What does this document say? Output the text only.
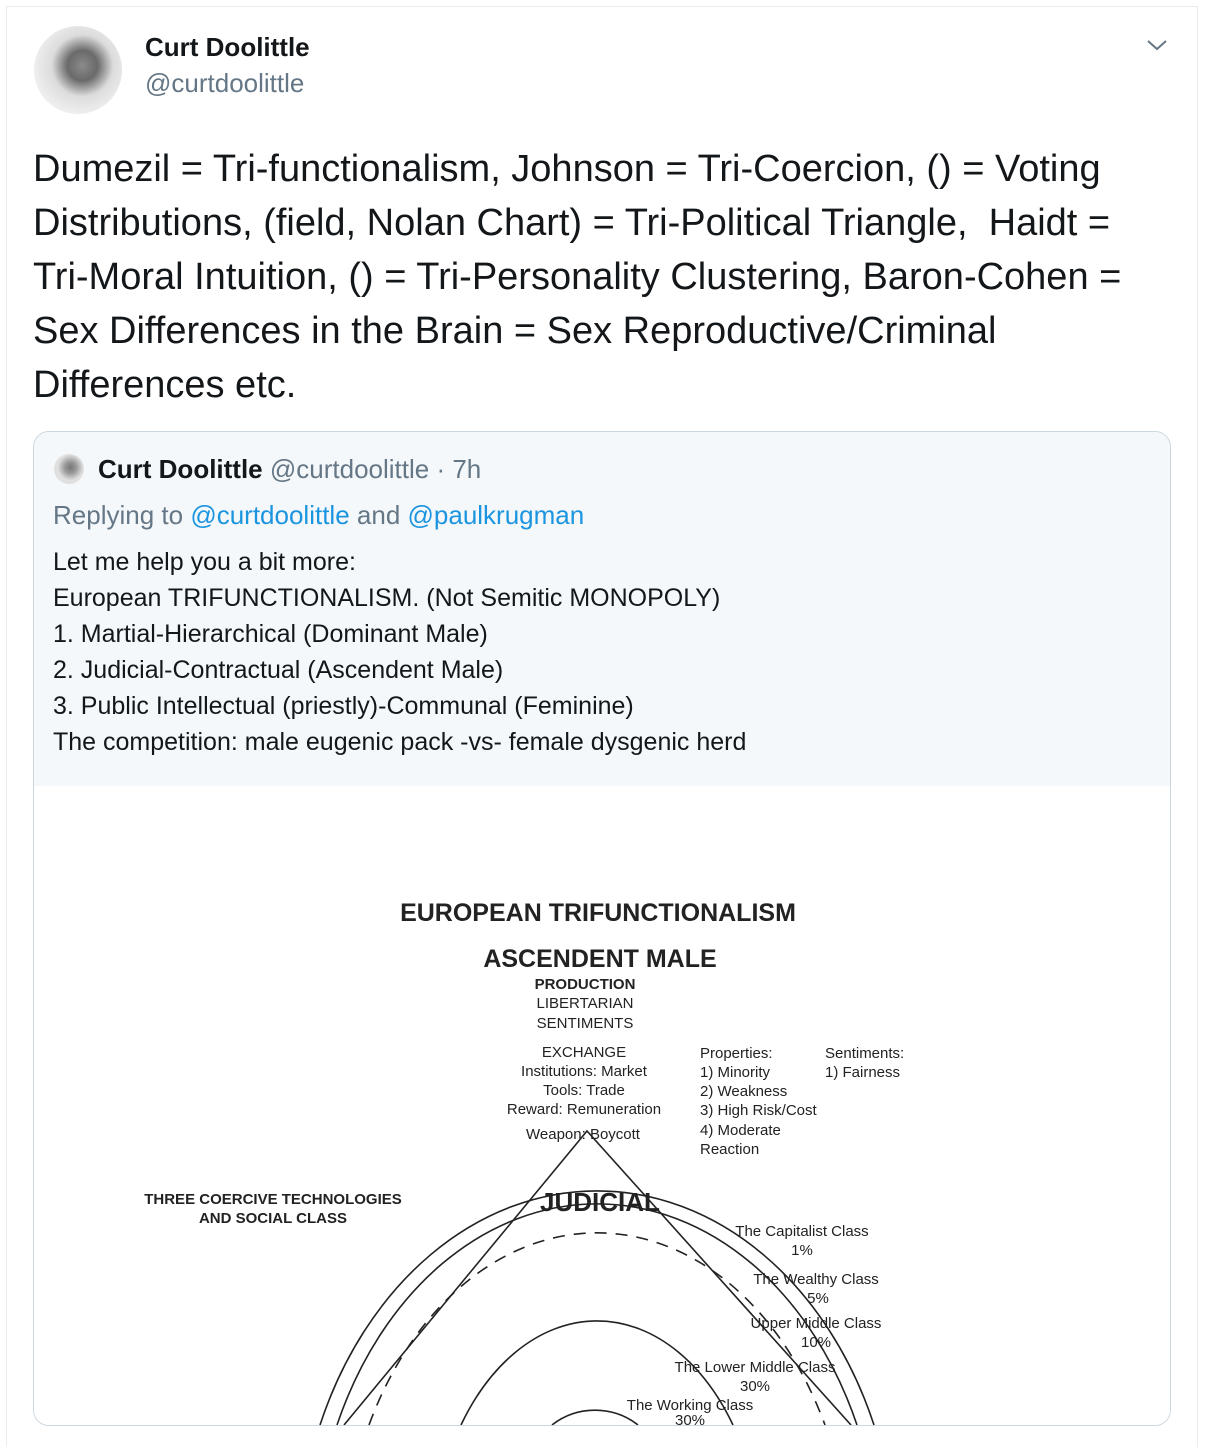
Curt Doolittle
@curtdoolittle
Dumezil = Tri-functionalism, Johnson = Tri-Coercion, () = Voting Distributions, (field, Nolan Chart) = Tri-Political Triangle,  Haidt = Tri-Moral Intuition, () = Tri-Personality Clustering, Baron-Cohen = Sex Differences in the Brain = Sex Reproductive/Criminal Differences etc.
Curt Doolittle @curtdoolittle · 7h
Replying to @curtdoolittle and @paulkrugman
Let me help you a bit more:
European TRIFUNCTIONALISM. (Not Semitic MONOPOLY)
1. Martial-Hierarchical (Dominant Male)
2. Judicial-Contractual (Ascendent Male)
3. Public Intellectual (priestly)-Communal (Feminine)
The competition: male eugenic pack -vs- female dysgenic herd
EUROPEAN TRIFUNCTIONALISM
ASCENDENT MALE
PRODUCTION
LIBERTARIAN
SENTIMENTS
EXCHANGE
Institutions: Market
Tools: Trade
Reward: Remuneration
Weapon: Boycott
Properties:
1) Minority
2) Weakness
3) High Risk/Cost
4) Moderate
Reaction
Sentiments:
1) Fairness
THREE COERCIVE TECHNOLOGIES
AND SOCIAL CLASS
JUDICIAL
The Capitalist Class
1%
The Wealthy Class
5%
Upper Middle Class
10%
The Lower Middle Class
30%
The Working Class
30%
